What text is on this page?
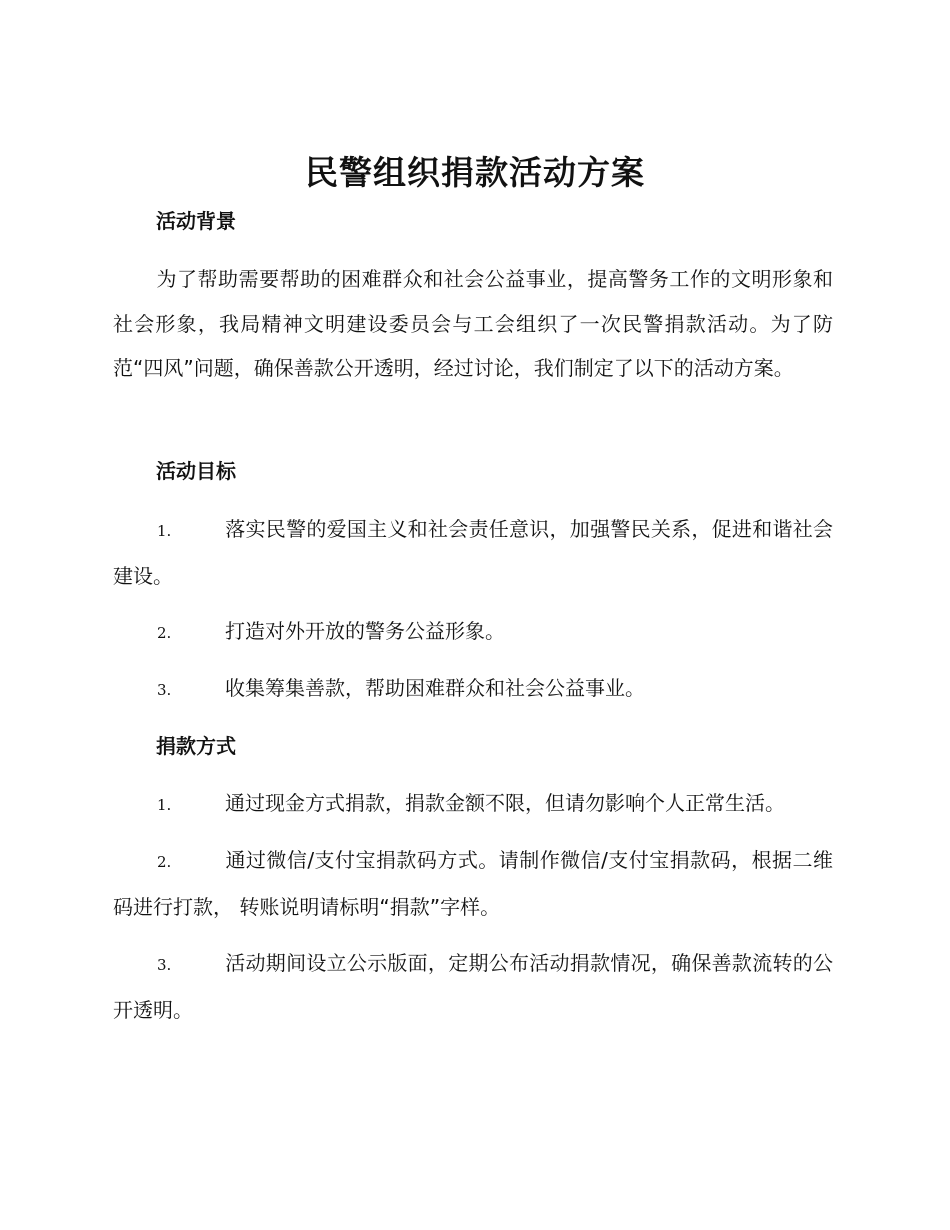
民警组织捐款活动方案
活动背景
为了帮助需要帮助的困难群众和社会公益事业，提高警务工作的文明形象和社会形象，我局精神文明建设委员会与工会组织了一次民警捐款活动。为了防范“四风”问题，确保善款公开透明，经过讨论，我们制定了以下的活动方案。
活动目标
1.	落实民警的爱国主义和社会责任意识，加强警民关系，促进和谐社会建设。
2.	打造对外开放的警务公益形象。
3.	收集筹集善款，帮助困难群众和社会公益事业。
捐款方式
1.	通过现金方式捐款，捐款金额不限，但请勿影响个人正常生活。
2.	通过微信/支付宝捐款码方式。请制作微信/支付宝捐款码，根据二维码进行打款， 转账说明请标明“捐款”字样。
3.	活动期间设立公示版面，定期公布活动捐款情况，确保善款流转的公开透明。
